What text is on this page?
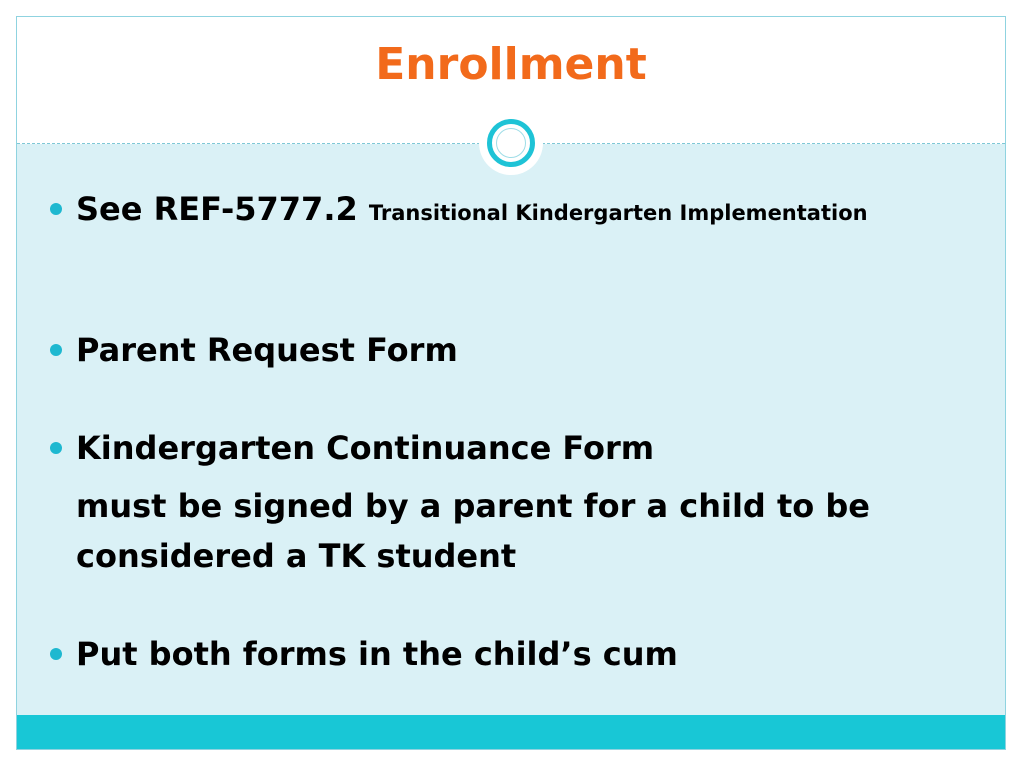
Enrollment
See REF-5777.2 Transitional Kindergarten Implementation
Parent Request Form
Kindergarten Continuance Form
must be signed by a parent for a child to be considered a TK student
Put both forms in the child’s cum
